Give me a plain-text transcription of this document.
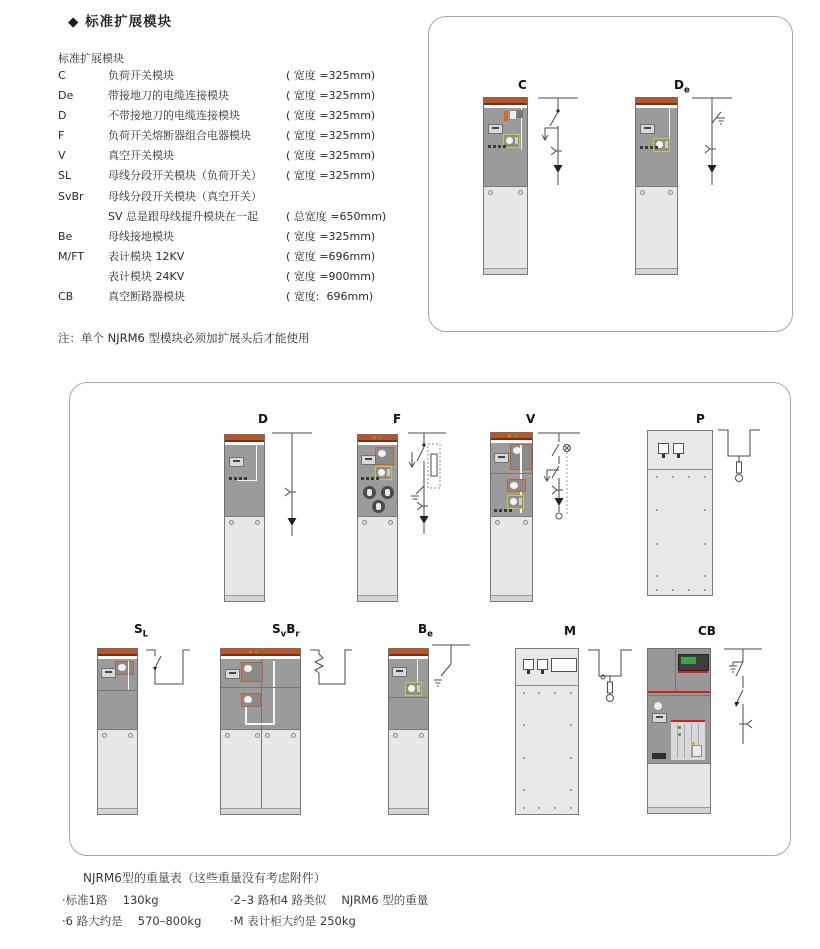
◆ 标准扩展模块
标准扩展模块
C	负荷开关模块	( 宽度 =325mm)
De	带接地刀的电缆连接模块	( 宽度 =325mm)
D	不带接地刀的电缆连接模块	( 宽度 =325mm)
F	负荷开关熔断器组合电器模块	( 宽度 =325mm)
V	真空开关模块	( 宽度 =325mm)
SL	母线分段开关模块（负荷开关）	( 宽度 =325mm)
SvBr	母线分段开关模块（真空开关）
SV 总是跟母线提升模块在一起	( 总宽度 =650mm)
Be	母线接地模块	( 宽度 =325mm)
M/FT	表计模块 12KV	( 宽度 =696mm)
表计模块 24KV	( 宽度 =900mm)
CB	真空断路器模块	( 宽度:  696mm)
注：单个 NJRM6 型模块必须加扩展头后才能使用
C	$D_e$
D	F	V	P
$S_L$	$S_vB_r$	$B_e$	M	CB
NJRM6型的重量表（这些重量没有考虑附件）
·标准1路　 130kg	·2–3 路和4 路类似　 NJRM6 型的重量
·6 路大约是　 570–800kg	·M 表计柜大约是 250kg
